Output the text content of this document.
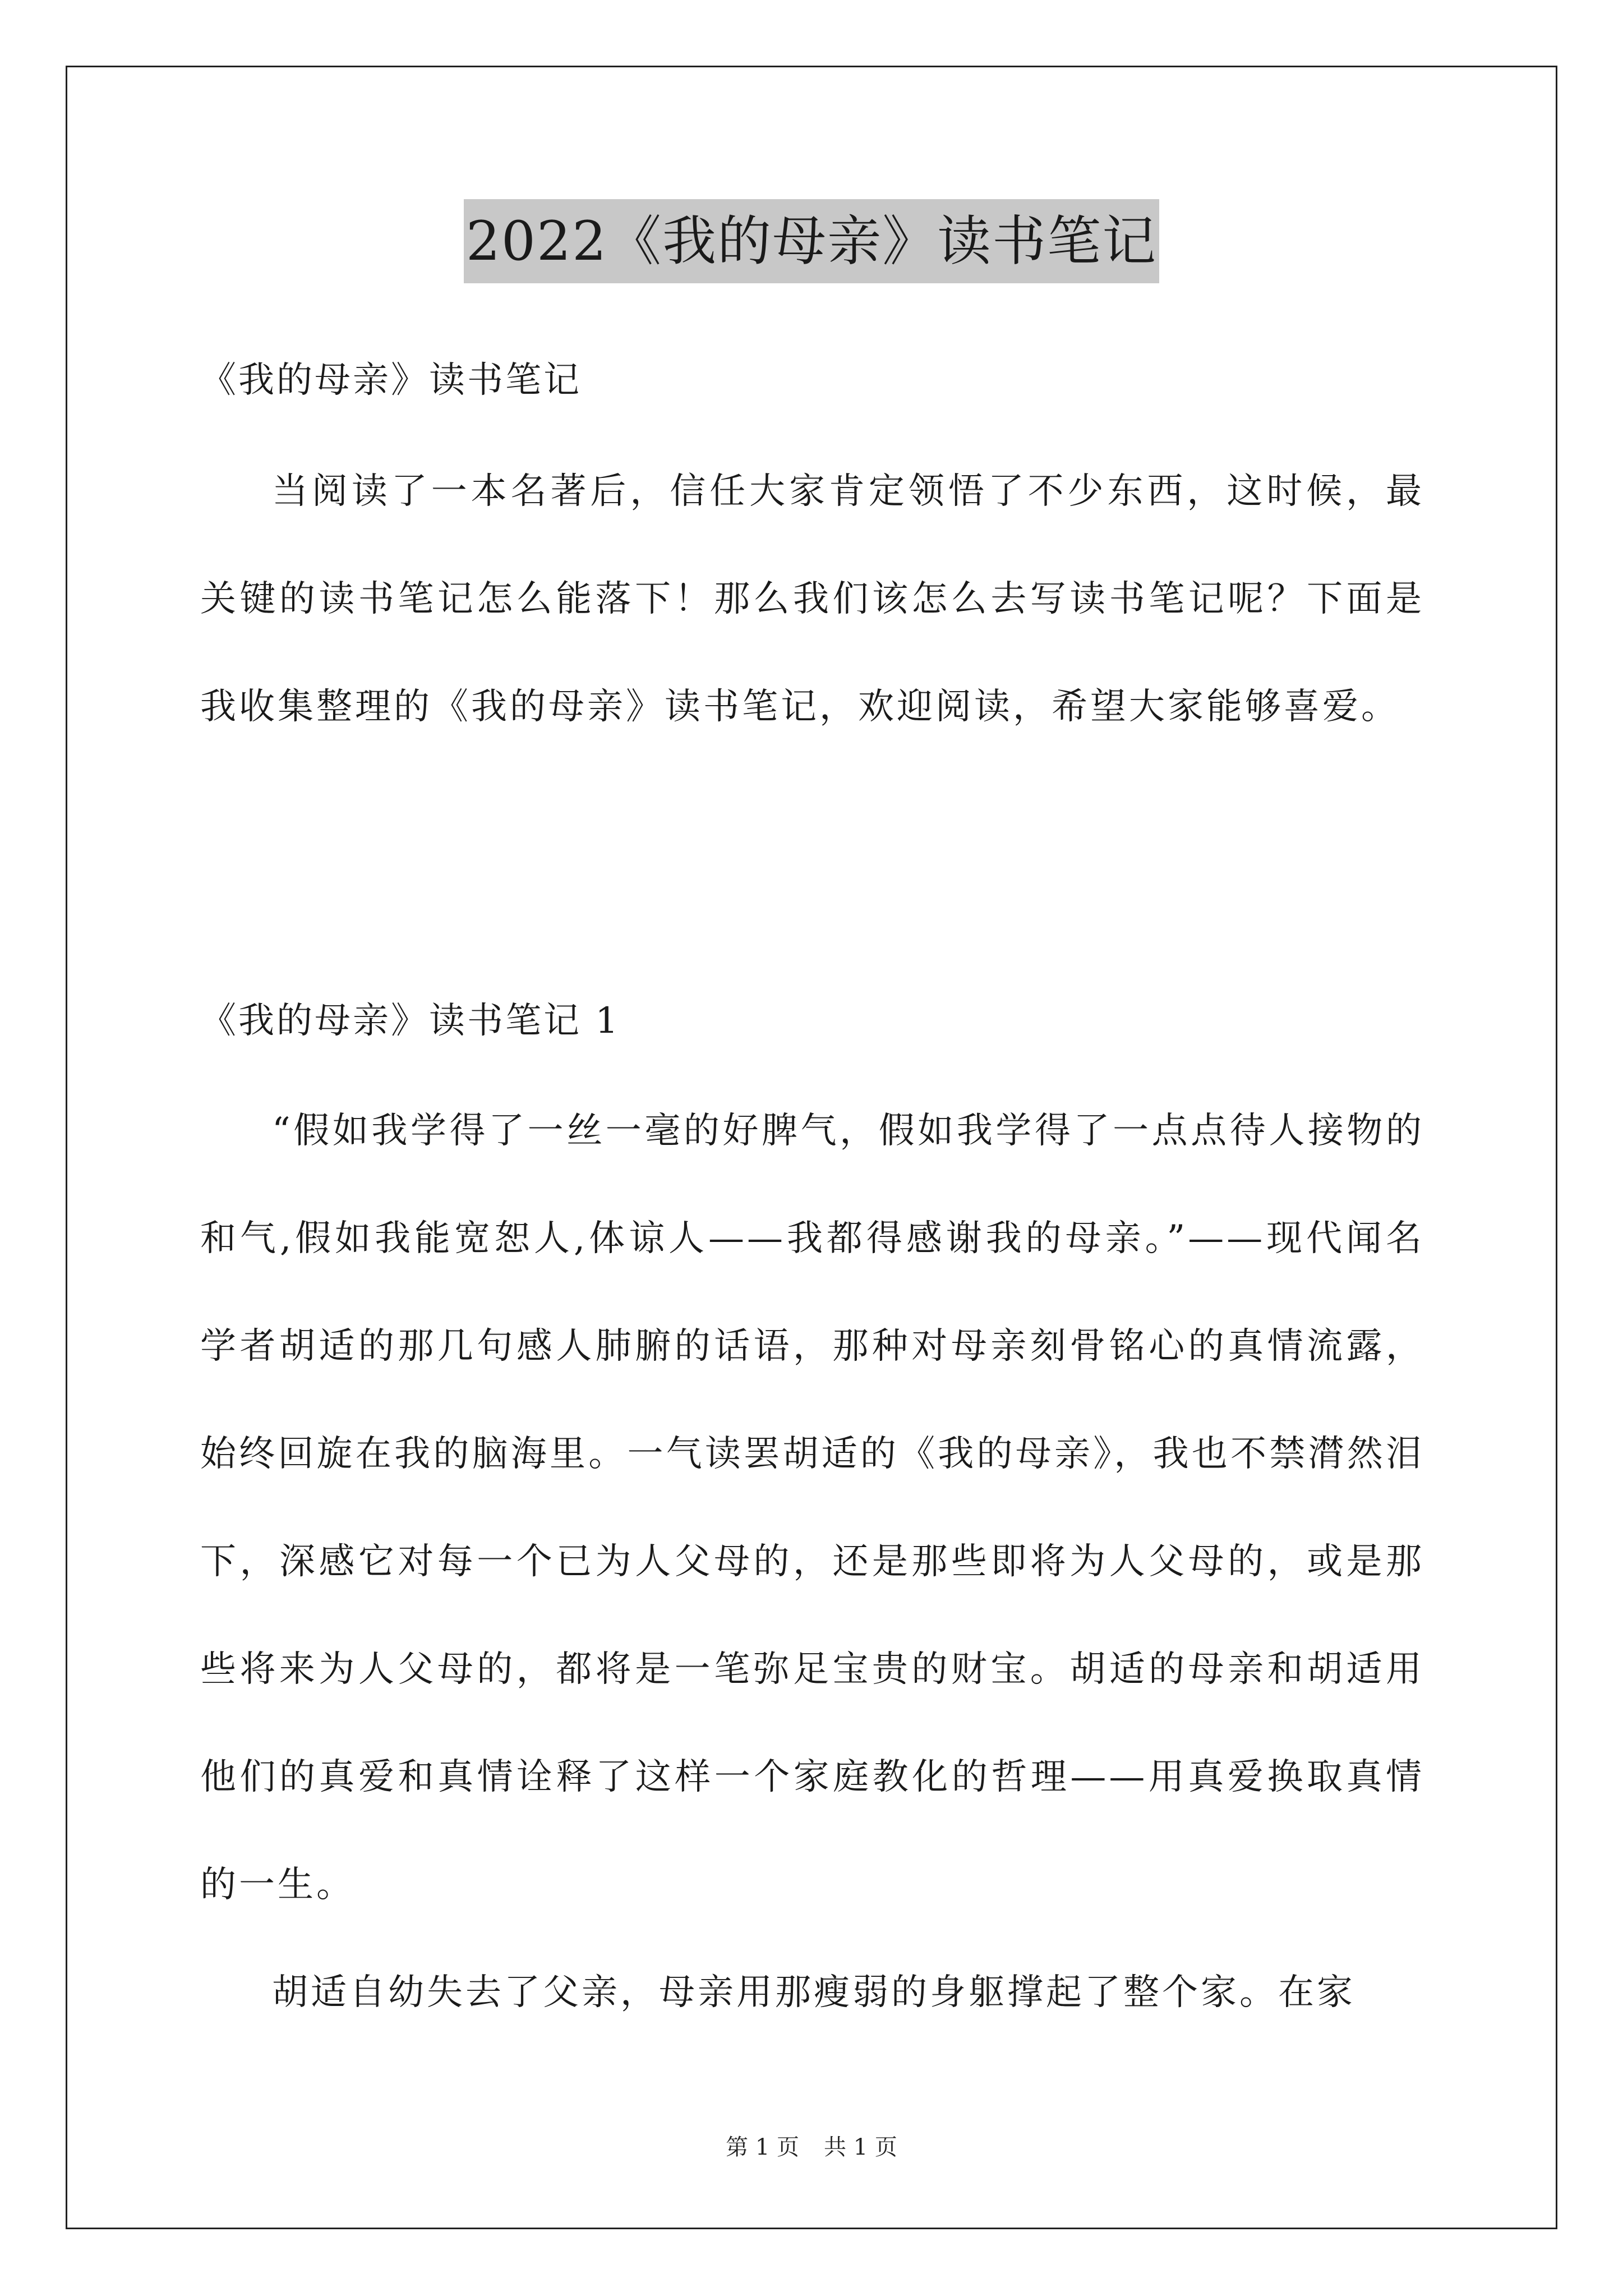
2022《我的母亲》读书笔记
《我的母亲》读书笔记

当阅读了一本名著后，信任大家肯定领悟了不少东西，这时候，最关键的读书笔记怎么能落下！那么我们该怎么去写读书笔记呢？下面是我收集整理的《我的母亲》读书笔记，欢迎阅读，希望大家能够喜爱。

《我的母亲》读书笔记 1

“假如我学得了一丝一毫的好脾气，假如我学得了一点点待人接物的和气,假如我能宽恕人,体谅人——我都得感谢我的母亲。”——现代闻名学者胡适的那几句感人肺腑的话语，那种对母亲刻骨铭心的真情流露，始终回旋在我的脑海里。一气读罢胡适的《我的母亲》，我也不禁潸然泪下，深感它对每一个已为人父母的，还是那些即将为人父母的，或是那些将来为人父母的，都将是一笔弥足宝贵的财宝。胡适的母亲和胡适用他们的真爱和真情诠释了这样一个家庭教化的哲理——用真爱换取真情的一生。

胡适自幼失去了父亲，母亲用那瘦弱的身躯撑起了整个家。在家

第 1 页 共 1 页
